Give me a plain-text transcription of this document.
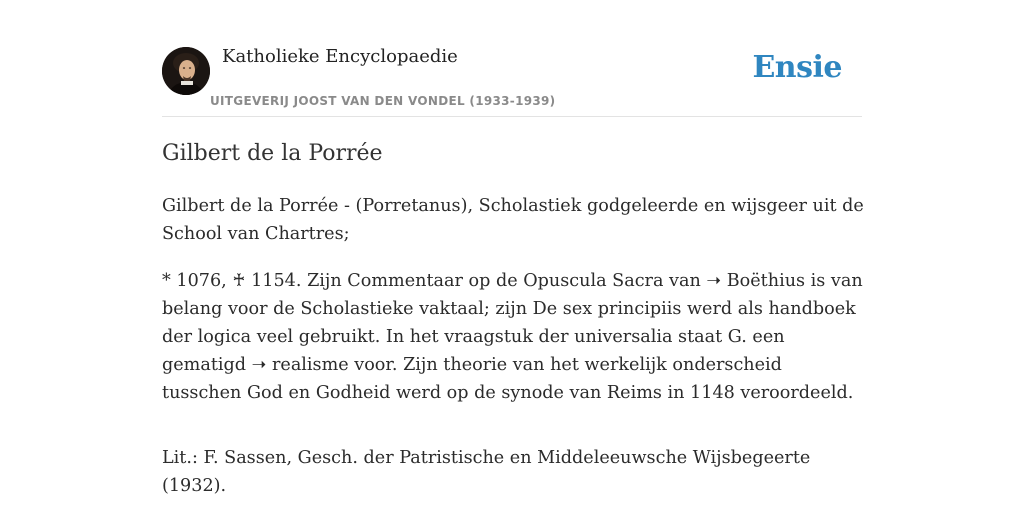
Katholieke Encyclopaedie
UITGEVERIJ JOOST VAN DEN VONDEL (1933-1939)
Ensie
Gilbert de la Porrée

Gilbert de la Porrée - (Porretanus), Scholastiek godgeleerde en wijsgeer uit de School van Chartres;

* 1076, ♰ 1154. Zijn Commentaar op de Opuscula Sacra van ➝ Boëthius is van belang voor de Scholastieke vaktaal; zijn De sex principiis werd als handboek der logica veel gebruikt. In het vraagstuk der universalia staat G. een gematigd ➝ realisme voor. Zijn theorie van het werkelijk onderscheid tusschen God en Godheid werd op de synode van Reims in 1148 veroordeeld.

Lit.: F. Sassen, Gesch. der Patristische en Middeleeuwsche Wijsbegeerte (1932).
